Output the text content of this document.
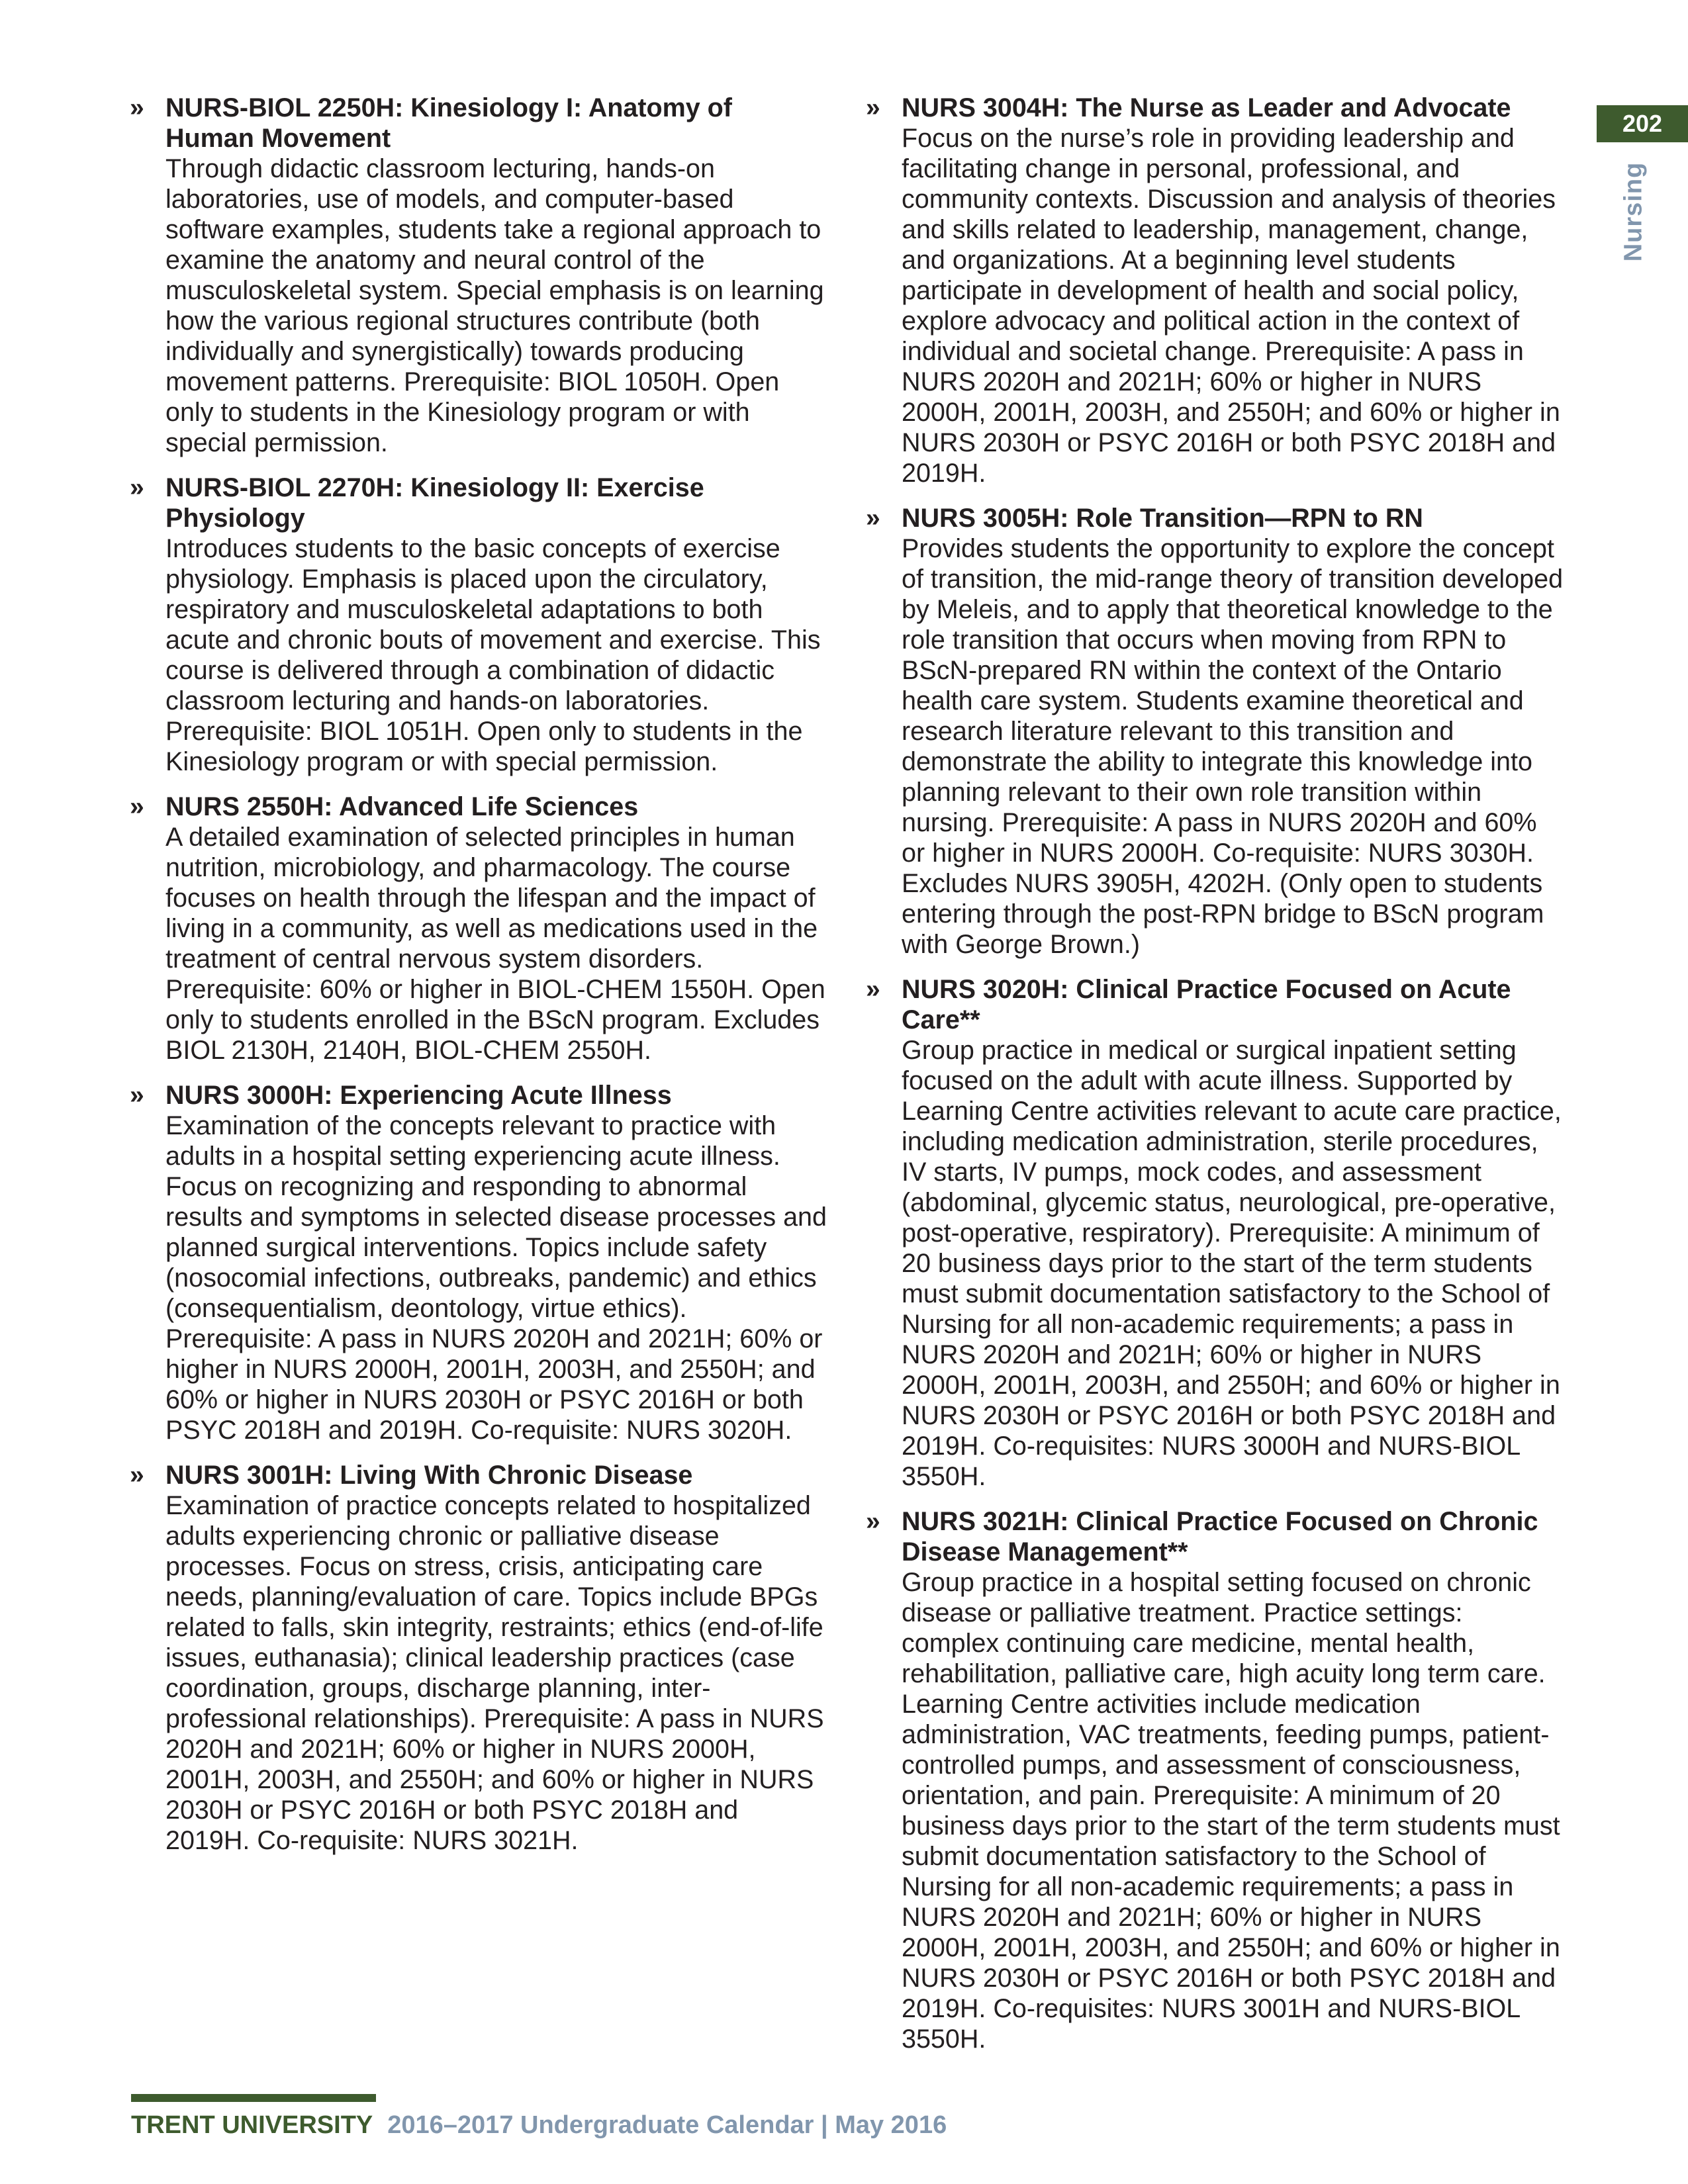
202
Nursing
» NURS-BIOL 2250H: Kinesiology I: Anatomy of Human Movement
Through didactic classroom lecturing, hands-on laboratories, use of models, and computer-based software examples, students take a regional approach to examine the anatomy and neural control of the musculoskeletal system. Special emphasis is on learning how the various regional structures contribute (both individually and synergistically) towards producing movement patterns. Prerequisite: BIOL 1050H. Open only to students in the Kinesiology program or with special permission.
» NURS-BIOL 2270H: Kinesiology II: Exercise Physiology
Introduces students to the basic concepts of exercise physiology. Emphasis is placed upon the circulatory, respiratory and musculoskeletal adaptations to both acute and chronic bouts of movement and exercise. This course is delivered through a combination of didactic classroom lecturing and hands-on laboratories. Prerequisite: BIOL 1051H. Open only to students in the Kinesiology program or with special permission.
» NURS 2550H: Advanced Life Sciences
A detailed examination of selected principles in human nutrition, microbiology, and pharmacology. The course focuses on health through the lifespan and the impact of living in a community, as well as medications used in the treatment of central nervous system disorders. Prerequisite: 60% or higher in BIOL-CHEM 1550H. Open only to students enrolled in the BScN program. Excludes BIOL 2130H, 2140H, BIOL-CHEM 2550H.
» NURS 3000H: Experiencing Acute Illness
Examination of the concepts relevant to practice with adults in a hospital setting experiencing acute illness. Focus on recognizing and responding to abnormal results and symptoms in selected disease processes and planned surgical interventions. Topics include safety (nosocomial infections, outbreaks, pandemic) and ethics (consequentialism, deontology, virtue ethics). Prerequisite: A pass in NURS 2020H and 2021H; 60% or higher in NURS 2000H, 2001H, 2003H, and 2550H; and 60% or higher in NURS 2030H or PSYC 2016H or both PSYC 2018H and 2019H. Co-requisite: NURS 3020H.
» NURS 3001H: Living With Chronic Disease
Examination of practice concepts related to hospitalized adults experiencing chronic or palliative disease processes. Focus on stress, crisis, anticipating care needs, planning/evaluation of care. Topics include BPGs related to falls, skin integrity, restraints; ethics (end-of-life issues, euthanasia); clinical leadership practices (case coordination, groups, discharge planning, inter-professional relationships). Prerequisite: A pass in NURS 2020H and 2021H; 60% or higher in NURS 2000H, 2001H, 2003H, and 2550H; and 60% or higher in NURS 2030H or PSYC 2016H or both PSYC 2018H and 2019H. Co-requisite: NURS 3021H.
» NURS 3004H: The Nurse as Leader and Advocate
Focus on the nurse’s role in providing leadership and facilitating change in personal, professional, and community contexts. Discussion and analysis of theories and skills related to leadership, management, change, and organizations. At a beginning level students participate in development of health and social policy, explore advocacy and political action in the context of individual and societal change. Prerequisite: A pass in NURS 2020H and 2021H; 60% or higher in NURS 2000H, 2001H, 2003H, and 2550H; and 60% or higher in NURS 2030H or PSYC 2016H or both PSYC 2018H and 2019H.
» NURS 3005H: Role Transition—RPN to RN
Provides students the opportunity to explore the concept of transition, the mid-range theory of transition developed by Meleis, and to apply that theoretical knowledge to the role transition that occurs when moving from RPN to BScN-prepared RN within the context of the Ontario health care system. Students examine theoretical and research literature relevant to this transition and demonstrate the ability to integrate this knowledge into planning relevant to their own role transition within nursing. Prerequisite: A pass in NURS 2020H and 60% or higher in NURS 2000H. Co-requisite: NURS 3030H. Excludes NURS 3905H, 4202H. (Only open to students entering through the post-RPN bridge to BScN program with George Brown.)
» NURS 3020H: Clinical Practice Focused on Acute Care**
Group practice in medical or surgical inpatient setting focused on the adult with acute illness. Supported by Learning Centre activities relevant to acute care practice, including medication administration, sterile procedures, IV starts, IV pumps, mock codes, and assessment (abdominal, glycemic status, neurological, pre-operative, post-operative, respiratory). Prerequisite: A minimum of 20 business days prior to the start of the term students must submit documentation satisfactory to the School of Nursing for all non-academic requirements; a pass in NURS 2020H and 2021H; 60% or higher in NURS 2000H, 2001H, 2003H, and 2550H; and 60% or higher in NURS 2030H or PSYC 2016H or both PSYC 2018H and 2019H. Co-requisites: NURS 3000H and NURS-BIOL 3550H.
» NURS 3021H: Clinical Practice Focused on Chronic Disease Management**
Group practice in a hospital setting focused on chronic disease or palliative treatment. Practice settings: complex continuing care medicine, mental health, rehabilitation, palliative care, high acuity long term care. Learning Centre activities include medication administration, VAC treatments, feeding pumps, patient-controlled pumps, and assessment of consciousness, orientation, and pain. Prerequisite: A minimum of 20 business days prior to the start of the term students must submit documentation satisfactory to the School of Nursing for all non-academic requirements; a pass in NURS 2020H and 2021H; 60% or higher in NURS 2000H, 2001H, 2003H, and 2550H; and 60% or higher in NURS 2030H or PSYC 2016H or both PSYC 2018H and 2019H. Co-requisites: NURS 3001H and NURS-BIOL 3550H.
TRENT UNIVERSITY 2016–2017 Undergraduate Calendar | May 2016
